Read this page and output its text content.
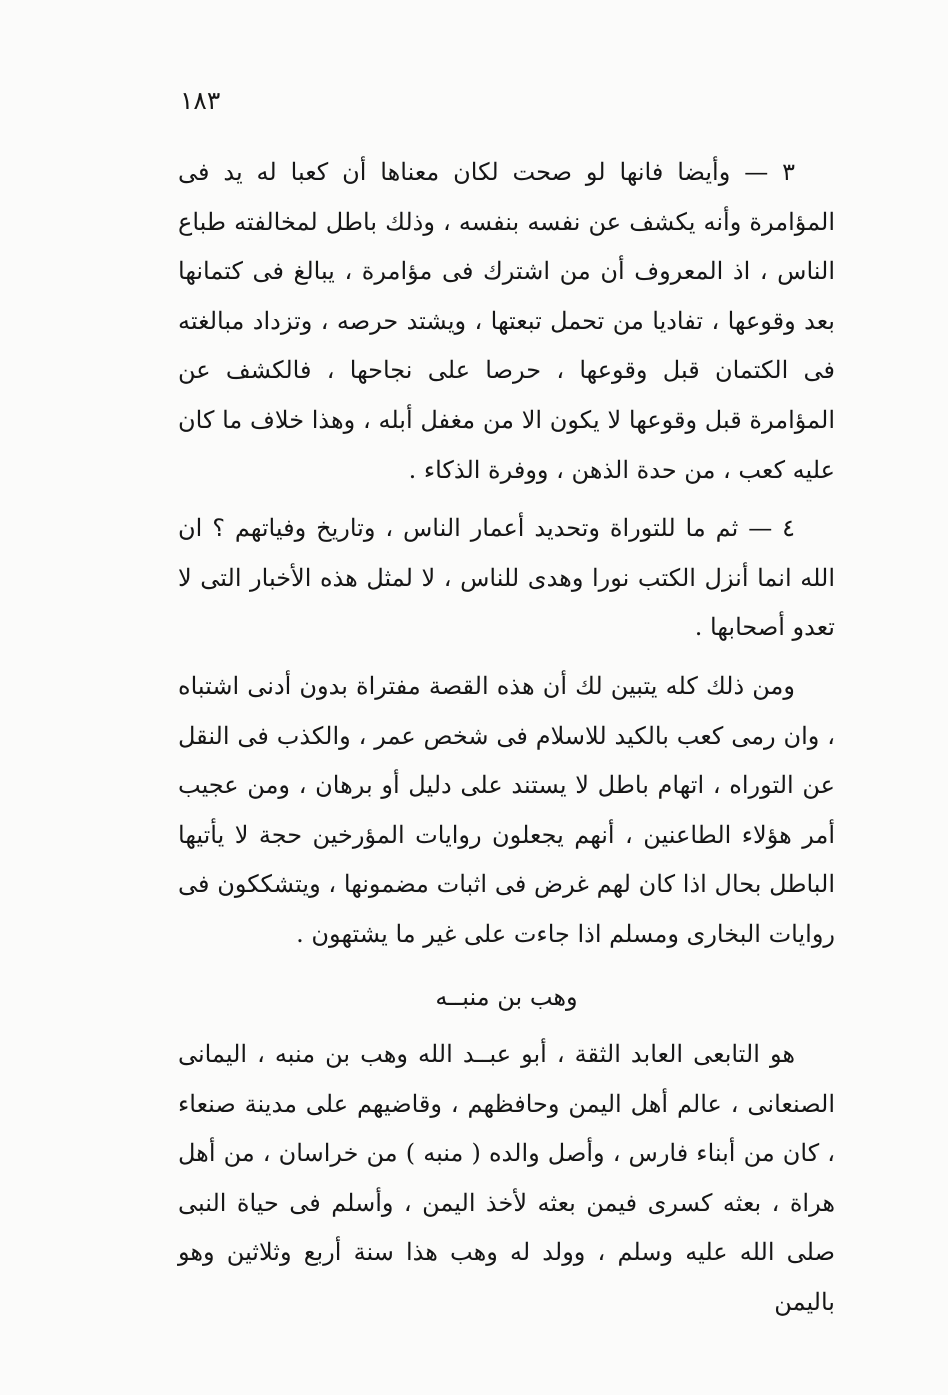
١٨٣

٣ — وأيضا فانها لو صحت لكان معناها أن كعبا له يد فى المؤامرة وأنه يكشف عن نفسه بنفسه ، وذلك باطل لمخالفته طباع الناس ، اذ المعروف أن من اشترك فى مؤامرة ، يبالغ فى كتمانها بعد وقوعها ، تفاديا من تحمل تبعتها ، ويشتد حرصه ، وتزداد مبالغته فى الكتمان قبل وقوعها ، حرصا على نجاحها ، فالكشف عن المؤامرة قبل وقوعها لا يكون الا من مغفل أبله ، وهذا خلاف ما كان عليه كعب ، من حدة الذهن ، ووفرة الذكاء .

٤ — ثم ما للتوراة وتحديد أعمار الناس ، وتاريخ وفياتهم ؟ ان الله انما أنزل الكتب نورا وهدى للناس ، لا لمثل هذه الأخبار التى لا تعدو أصحابها .

ومن ذلك كله يتبين لك أن هذه القصة مفتراة بدون أدنى اشتباه ، وان رمى كعب بالكيد للاسلام فى شخص عمر ، والكذب فى النقل عن التوراه ، اتهام باطل لا يستند على دليل أو برهان ، ومن عجيب أمر هؤلاء الطاعنين ، أنهم يجعلون روايات المؤرخين حجة لا يأتيها الباطل بحال اذا كان لهم غرض فى اثبات مضمونها ، ويتشككون فى روايات البخارى ومسلم اذا جاءت على غير ما يشتهون .

وهب بن منبــه

هو التابعى العابد الثقة ، أبو عبــد الله وهب بن منبه ، اليمانى الصنعانى ، عالم أهل اليمن وحافظهم ، وقاضيهم على مدينة صنعاء ، كان من أبناء فارس ، وأصل والده ( منبه ) من خراسان ، من أهل هراة ، بعثه كسرى فيمن بعثه لأخذ اليمن ، وأسلم فى حياة النبى صلى الله عليه وسلم ، وولد له وهب هذا سنة أربع وثلاثين وهو باليمن
